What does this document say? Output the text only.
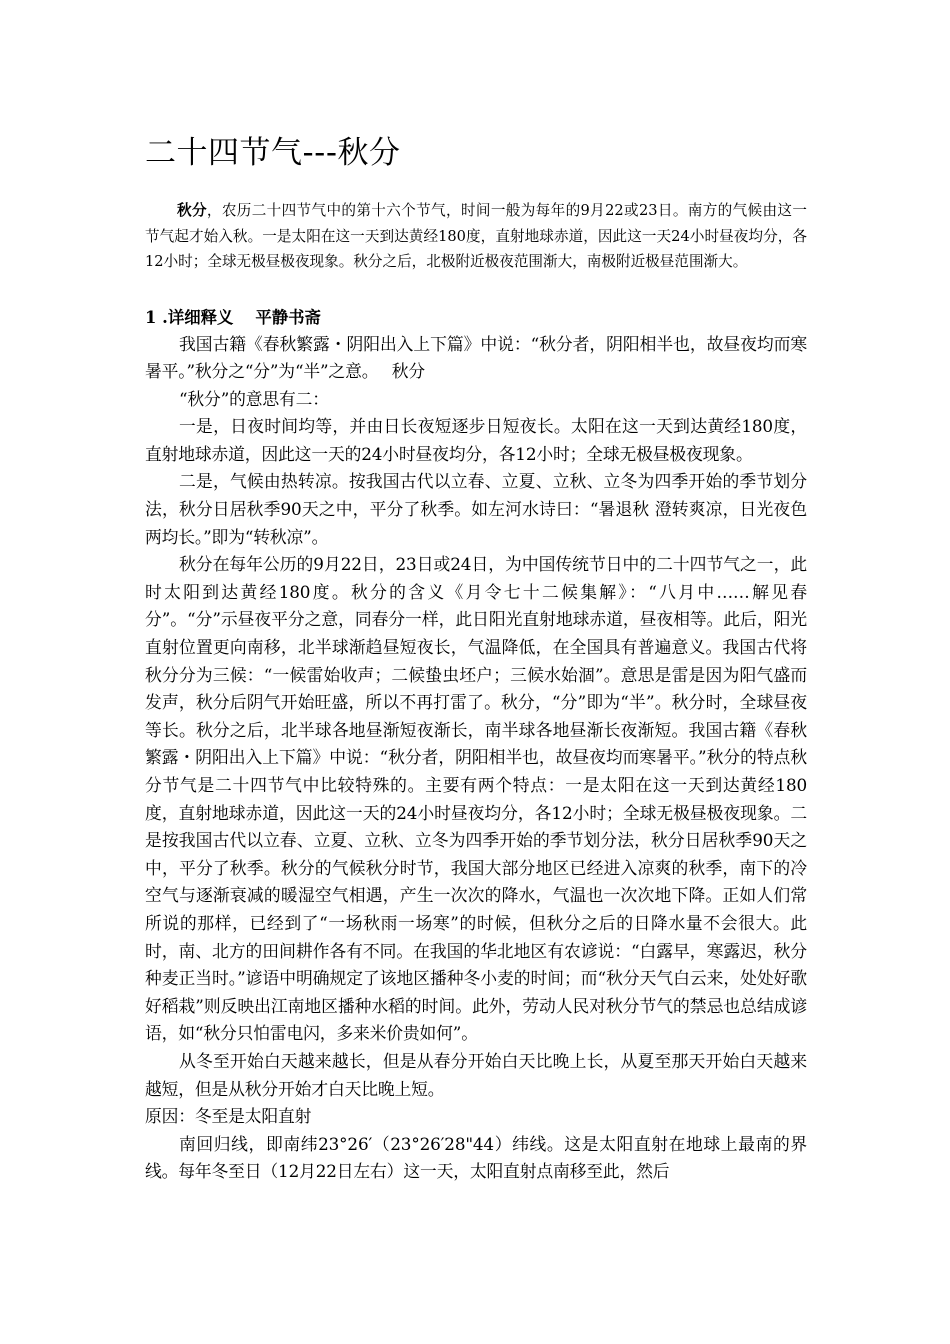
二十四节气---秋分

秋分，农历二十四节气中的第十六个节气，时间一般为每年的9月22或23日。南方的气候由这一节气起才始入秋。一是太阳在这一天到达黄经180度，直射地球赤道，因此这一天24小时昼夜均分，各12小时；全球无极昼极夜现象。秋分之后，北极附近极夜范围渐大，南极附近极昼范围渐大。

1 .详细释义 平静书斋

我国古籍《春秋繁露・阴阳出入上下篇》中说：“秋分者，阴阳相半也，故昼夜均而寒暑平。”秋分之“分”为“半”之意。　 秋分

“秋分”的意思有二：

一是，日夜时间均等，并由日长夜短逐步日短夜长。太阳在这一天到达黄经180度，直射地球赤道，因此这一天的24小时昼夜均分，各12小时；全球无极昼极夜现象。

二是，气候由热转凉。按我国古代以立春、立夏、立秋、立冬为四季开始的季节划分法，秋分日居秋季90天之中，平分了秋季。如左河水诗曰：“暑退秋 澄转爽凉，日光夜色两均长。”即为“转秋凉”。

秋分在每年公历的9月22日，23日或24日，为中国传统节日中的二十四节气之一，此时太阳到达黄经180度。秋分的含义《月令七十二候集解》：“八月中……解见春分”。“分”示昼夜平分之意，同春分一样，此日阳光直射地球赤道，昼夜相等。此后，阳光直射位置更向南移，北半球渐趋昼短夜长，气温降低，在全国具有普遍意义。我国古代将秋分分为三候：“一候雷始收声；二候蛰虫坯户；三候水始涸”。意思是雷是因为阳气盛而发声，秋分后阴气开始旺盛，所以不再打雷了。秋分，“分”即为“半”。秋分时，全球昼夜等长。秋分之后，北半球各地昼渐短夜渐长，南半球各地昼渐长夜渐短。我国古籍《春秋繁露・阴阳出入上下篇》中说：“秋分者，阴阳相半也，故昼夜均而寒暑平。”秋分的特点秋分节气是二十四节气中比较特殊的。主要有两个特点：一是太阳在这一天到达黄经180度，直射地球赤道，因此这一天的24小时昼夜均分，各12小时；全球无极昼极夜现象。二是按我国古代以立春、立夏、立秋、立冬为四季开始的季节划分法，秋分日居秋季90天之中，平分了秋季。秋分的气候秋分时节，我国大部分地区已经进入凉爽的秋季，南下的冷空气与逐渐衰减的暖湿空气相遇，产生一次次的降水，气温也一次次地下降。正如人们常所说的那样，已经到了“一场秋雨一场寒”的时候，但秋分之后的日降水量不会很大。此时，南、北方的田间耕作各有不同。在我国的华北地区有农谚说：“白露早，寒露迟，秋分种麦正当时。”谚语中明确规定了该地区播种冬小麦的时间；而“秋分天气白云来，处处好歌好稻栽”则反映出江南地区播种水稻的时间。此外，劳动人民对秋分节气的禁忌也总结成谚语，如“秋分只怕雷电闪，多来米价贵如何”。

从冬至开始白天越来越长，但是从春分开始白天比晚上长，从夏至那天开始白天越来越短，但是从秋分开始才白天比晚上短。

原因：冬至是太阳直射

南回归线，即南纬23°26′（23°26′28"44）纬线。这是太阳直射在地球上最南的界线。每年冬至日（12月22日左右）这一天，太阳直射点南移至此，然后
